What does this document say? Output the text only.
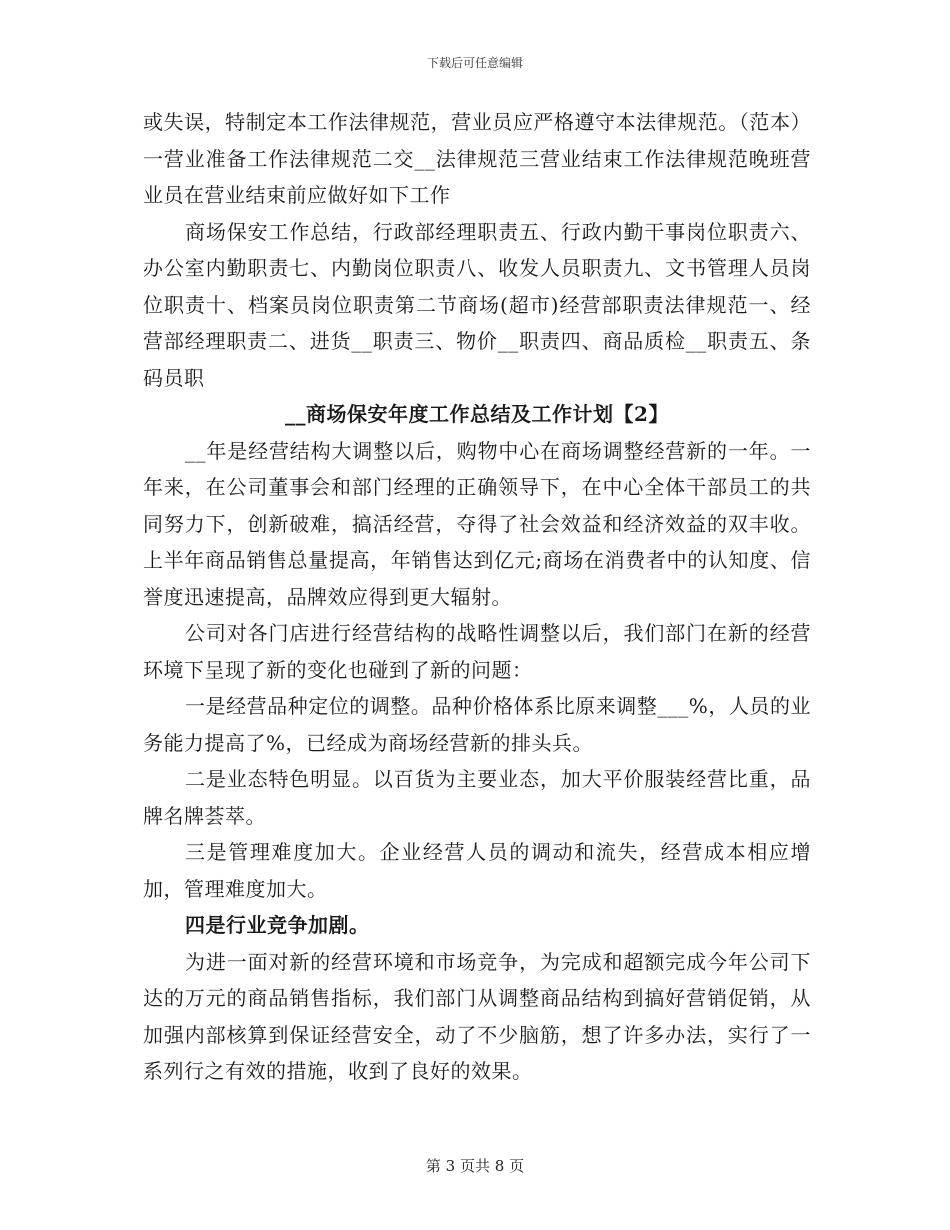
下载后可任意编辑

或失误，特制定本工作法律规范，营业员应严格遵守本法律规范。（范本）一营业准备工作法律规范二交__法律规范三营业结束工作法律规范晚班营业员在营业结束前应做好如下工作

商场保安工作总结，行政部经理职责五、行政内勤干事岗位职责六、办公室内勤职责七、内勤岗位职责八、收发人员职责九、文书管理人员岗位职责十、档案员岗位职责第二节商场(超市)经营部职责法律规范一、经营部经理职责二、进货__职责三、物价__职责四、商品质检__职责五、条码员职

__商场保安年度工作总结及工作计划【2】

__年是经营结构大调整以后，购物中心在商场调整经营新的一年。一年来，在公司董事会和部门经理的正确领导下，在中心全体干部员工的共同努力下，创新破难，搞活经营，夺得了社会效益和经济效益的双丰收。上半年商品销售总量提高，年销售达到亿元;商场在消费者中的认知度、信誉度迅速提高，品牌效应得到更大辐射。

公司对各门店进行经营结构的战略性调整以后，我们部门在新的经营环境下呈现了新的变化也碰到了新的问题：

一是经营品种定位的调整。品种价格体系比原来调整___%，人员的业务能力提高了%，已经成为商场经营新的排头兵。

二是业态特色明显。以百货为主要业态，加大平价服装经营比重，品牌名牌荟萃。

三是管理难度加大。企业经营人员的调动和流失，经营成本相应增加，管理难度加大。

四是行业竞争加剧。

为进一面对新的经营环境和市场竞争，为完成和超额完成今年公司下达的万元的商品销售指标，我们部门从调整商品结构到搞好营销促销，从加强内部核算到保证经营安全，动了不少脑筋，想了许多办法，实行了一系列行之有效的措施，收到了良好的效果。

第 3 页共 8 页
